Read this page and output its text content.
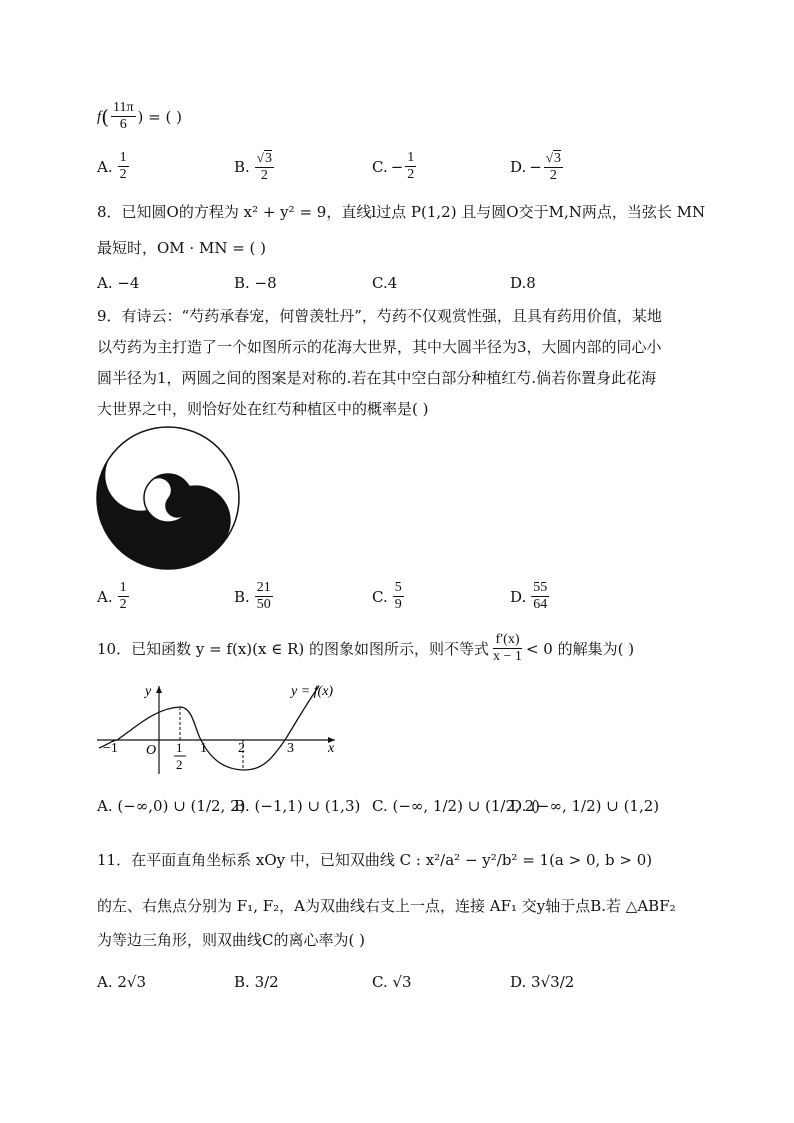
f ( $\frac{11\pi}{6}$ ) = ( )
A. $\frac{1}{2}$	B. $\frac{√3}{2}$	C. − $\frac{1}{2}$	D. − $\frac{√3}{2}$
8．已知圆O的方程为 x² + y² = 9，直线l过点 P(1,2) 且与圆O交于M,N两点，当弦长 MN
最短时，OM · MN = ( )
A. −4	B. −8	C.4	D.8
9．有诗云：“芍药承春宠，何曾羡牡丹”，芍药不仅观赏性强，且具有药用价值，某地
以芍药为主打造了一个如图所示的花海大世界，其中大圆半径为3，大圆内部的同心小
圆半径为1，两圆之间的图案是对称的.若在其中空白部分种植红芍.倘若你置身此花海
大世界之中，则恰好处在红芍种植区中的概率是( )
A. $\frac{1}{2}$	B. $\frac{21}{50}$	C. $\frac{5}{9}$	D. $\frac{55}{64}$
10．已知函数 y = f(x)(x ∈ R) 的图象如图所示，则不等式 $\frac{f'(x)}{x - 1} < 0$ 的解集为( )
y = f(x)
y
x
O
−1	1 2	3
1
2
A. (−∞,0) ∪ (1/2, 2)
B. (−1,1) ∪ (1,3) C. (−∞, 1/2) ∪ (1/2, 2)
D. (−∞, 1/2) ∪ (1,2)
11．在平面直角坐标系 xOy 中，已知双曲线 C : x²/a² − y²/b² = 1(a > 0, b > 0)
的左、右焦点分别为 F₁, F₂，A为双曲线右支上一点，连接 AF₁ 交y轴于点B.若 △ABF₂
为等边三角形，则双曲线C的离心率为( )
A. 2√3	B. 3/2	C. √3	D. 3√3/2
